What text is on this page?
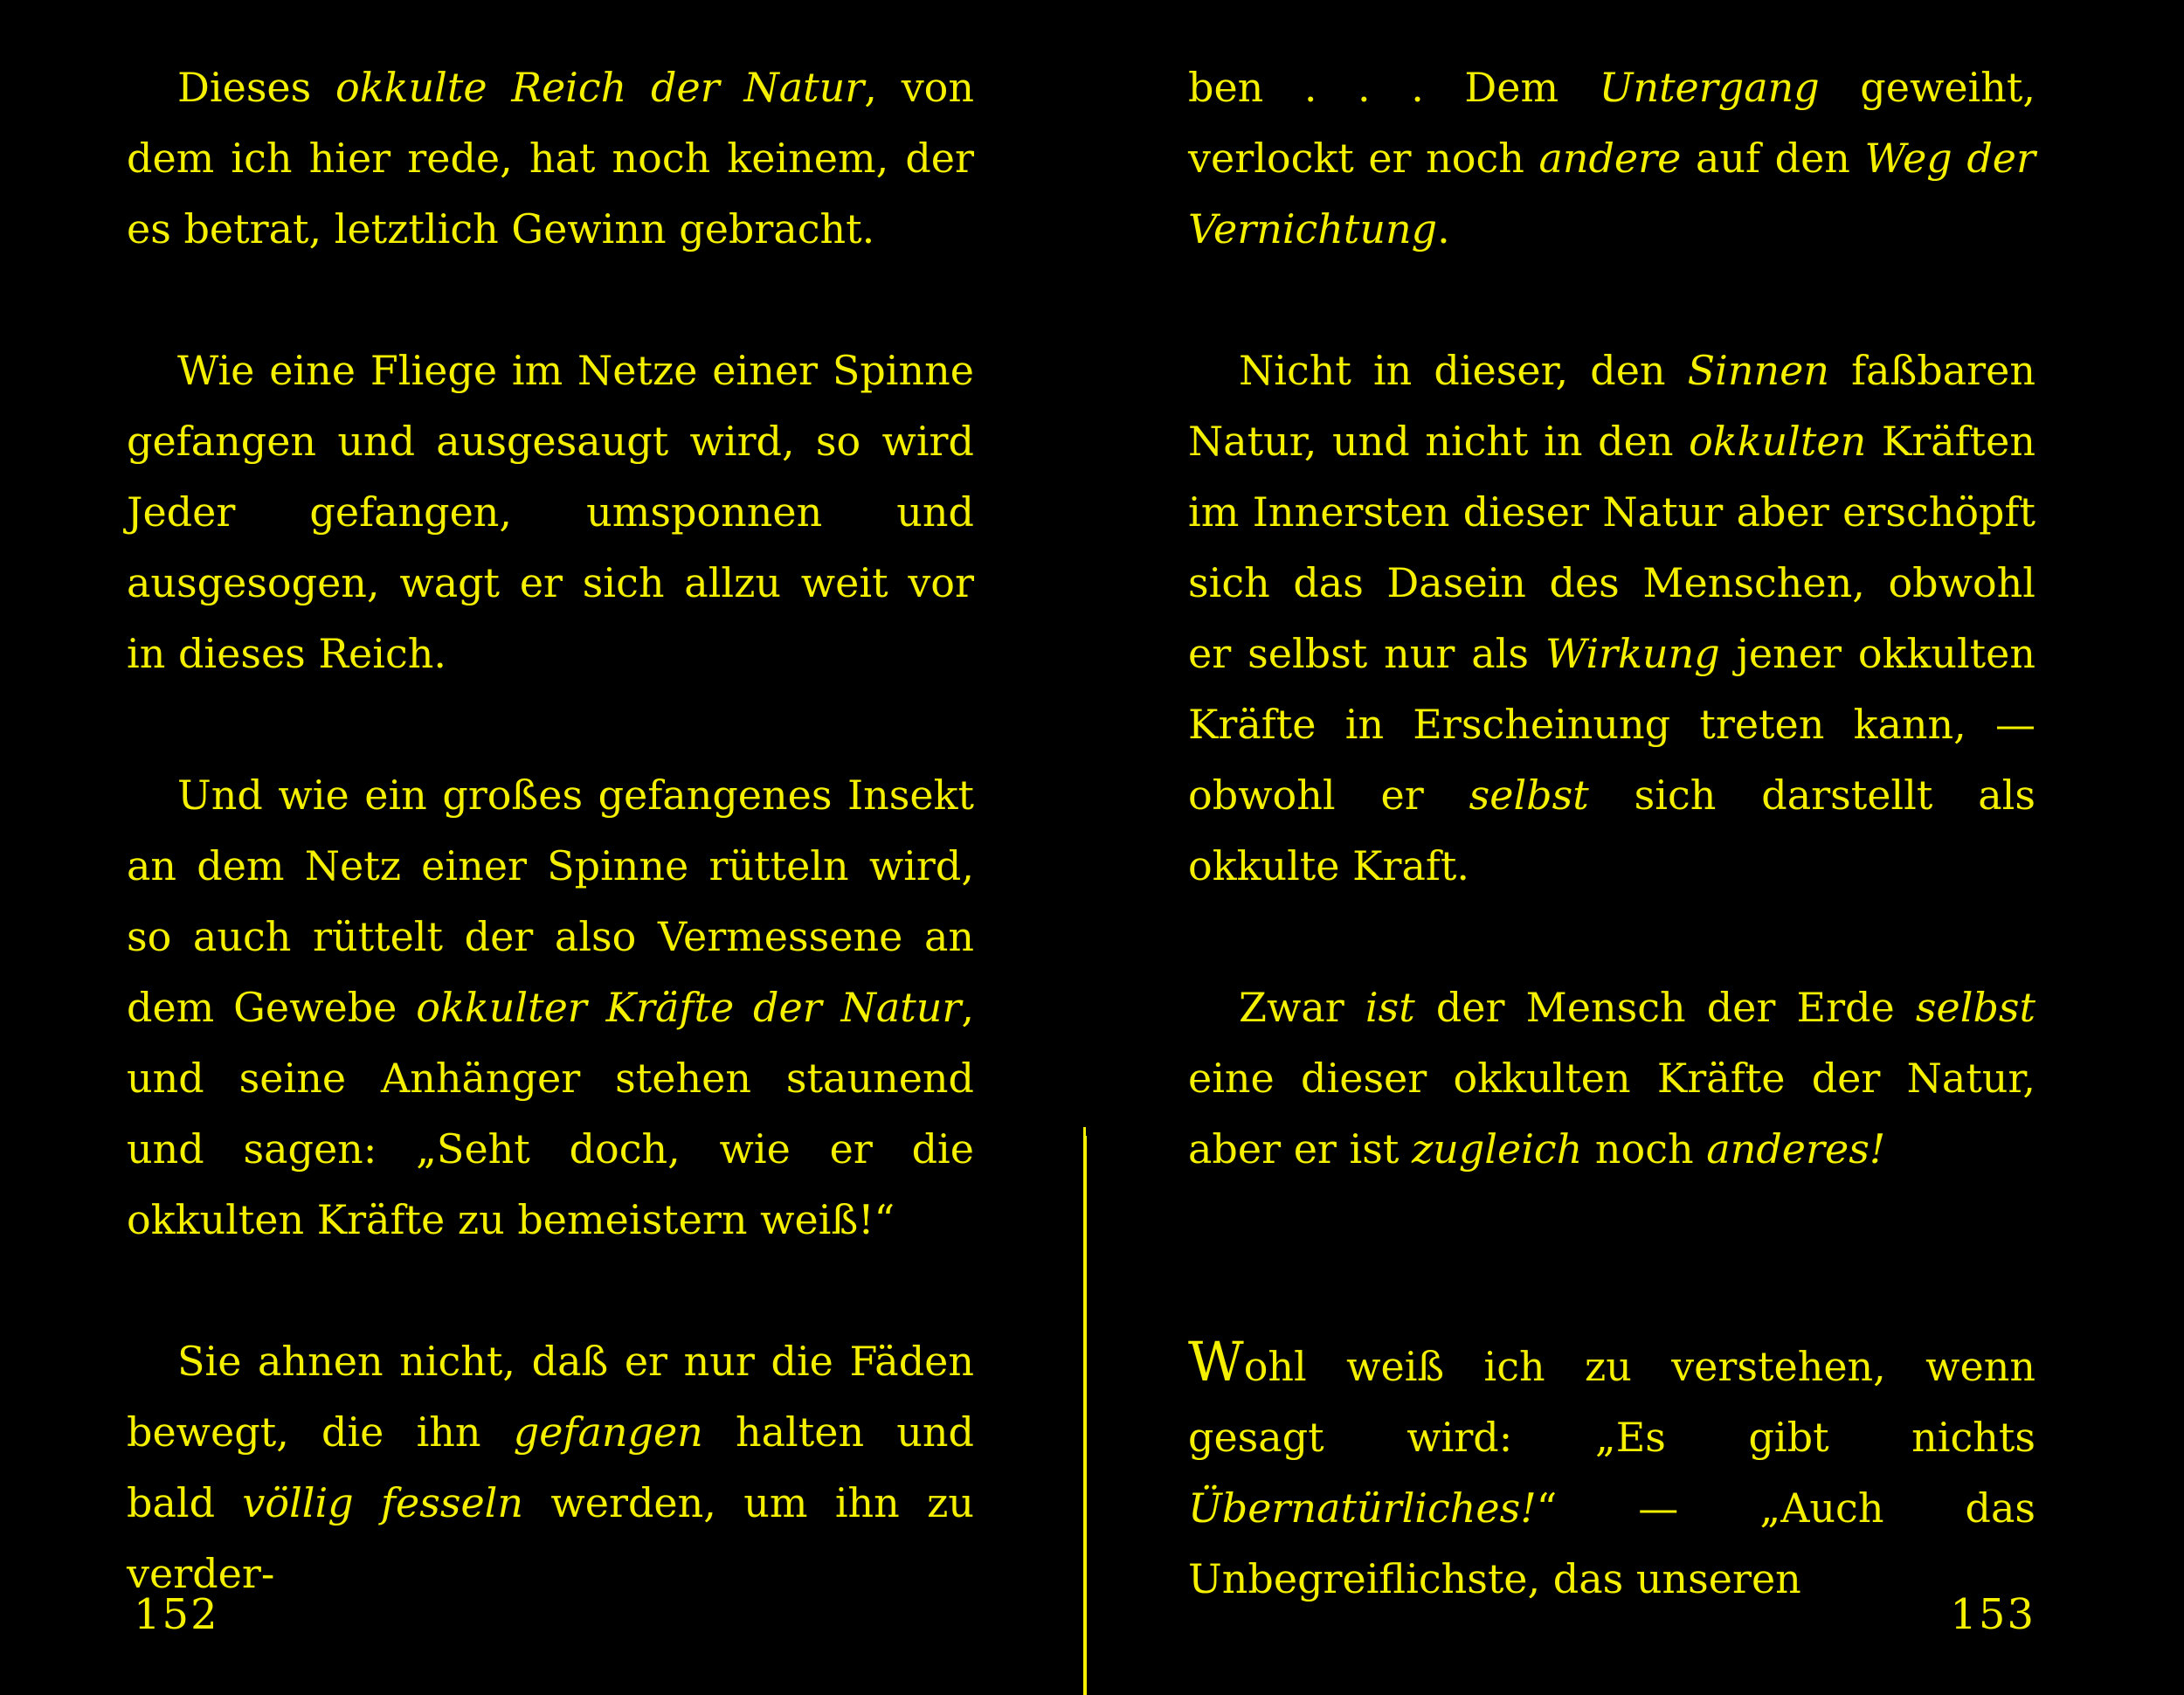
Dieses okkulte Reich der Natur, von dem ich hier rede, hat noch keinem, der es betrat, letztlich Gewinn gebracht.

Wie eine Fliege im Netze einer Spinne gefangen und ausgesaugt wird, so wird Jeder gefangen, umsponnen und ausgesogen, wagt er sich allzu weit vor in dieses Reich.

Und wie ein großes gefangenes Insekt an dem Netz einer Spinne rütteln wird, so auch rüttelt der also Vermessene an dem Gewebe okkulter Kräfte der Natur, und seine Anhänger stehen staunend und sagen: „Seht doch, wie er die okkulten Kräfte zu bemeistern weiß!“

Sie ahnen nicht, daß er nur die Fäden bewegt, die ihn gefangen halten und bald völlig fesseln werden, um ihn zu verder-

152

ben . . . Dem Untergang geweiht, verlockt er noch andere auf den Weg der Vernichtung.

Nicht in dieser, den Sinnen faßbaren Natur, und nicht in den okkulten Kräften im Innersten dieser Natur aber erschöpft sich das Dasein des Menschen, obwohl er selbst nur als Wirkung jener okkulten Kräfte in Erscheinung treten kann, — obwohl er selbst sich darstellt als okkulte Kraft.

Zwar ist der Mensch der Erde selbst eine dieser okkulten Kräfte der Natur, aber er ist zugleich noch anderes!

Wohl weiß ich zu verstehen, wenn gesagt wird: „Es gibt nichts Übernatürliches!“ — „Auch das Unbegreiflichste, das unseren

153
